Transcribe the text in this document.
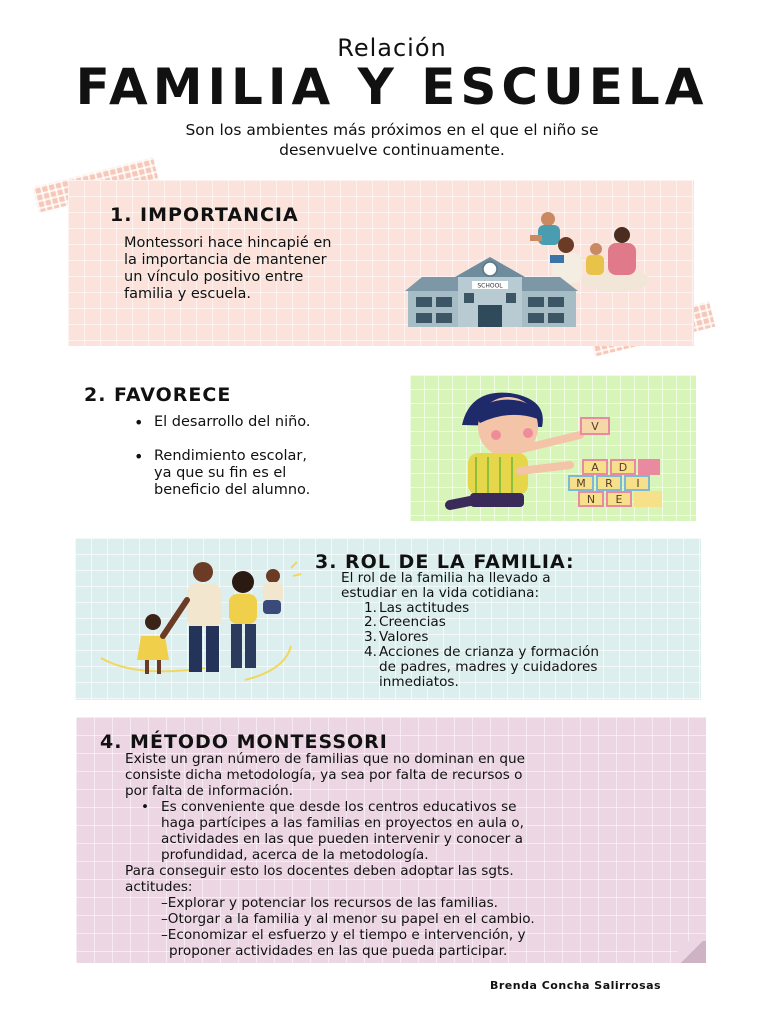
Relación
FAMILIA Y ESCUELA
Son los ambientes más próximos en el que el niño se
desenvuelve continuamente.
1. IMPORTANCIA
Montessori hace hincapié en
la importancia de mantener
un vínculo positivo entre
familia y escuela.	SCHOOL
2. FAVORECE
• El desarrollo del niño.
• Rendimiento escolar,
ya que su fin es el
beneficio del alumno.
V
A D
M R I
N E
3. ROL DE LA FAMILIA:
El rol de la familia ha llevado a
estudiar en la vida cotidiana:
1. Las actitudes
2. Creencias
3. Valores
4. Acciones de crianza y formación
de padres, madres y cuidadores
inmediatos.
4. MÉTODO MONTESSORI
Existe un gran número de familias que no dominan en que
consiste dicha metodología, ya sea por falta de recursos o
por falta de información.
• Es conveniente que desde los centros educativos se
haga partícipes a las familias en proyectos en aula o,
actividades en las que pueden intervenir y conocer a
profundidad, acerca de la metodología.
Para conseguir esto los docentes deben adoptar las sgts.
actitudes:
–Explorar y potenciar los recursos de las familias.
–Otorgar a la familia y al menor su papel en el cambio.
–Economizar el esfuerzo y el tiempo e intervención, y
proponer actividades en las que pueda participar.
Brenda Concha Salirrosas
